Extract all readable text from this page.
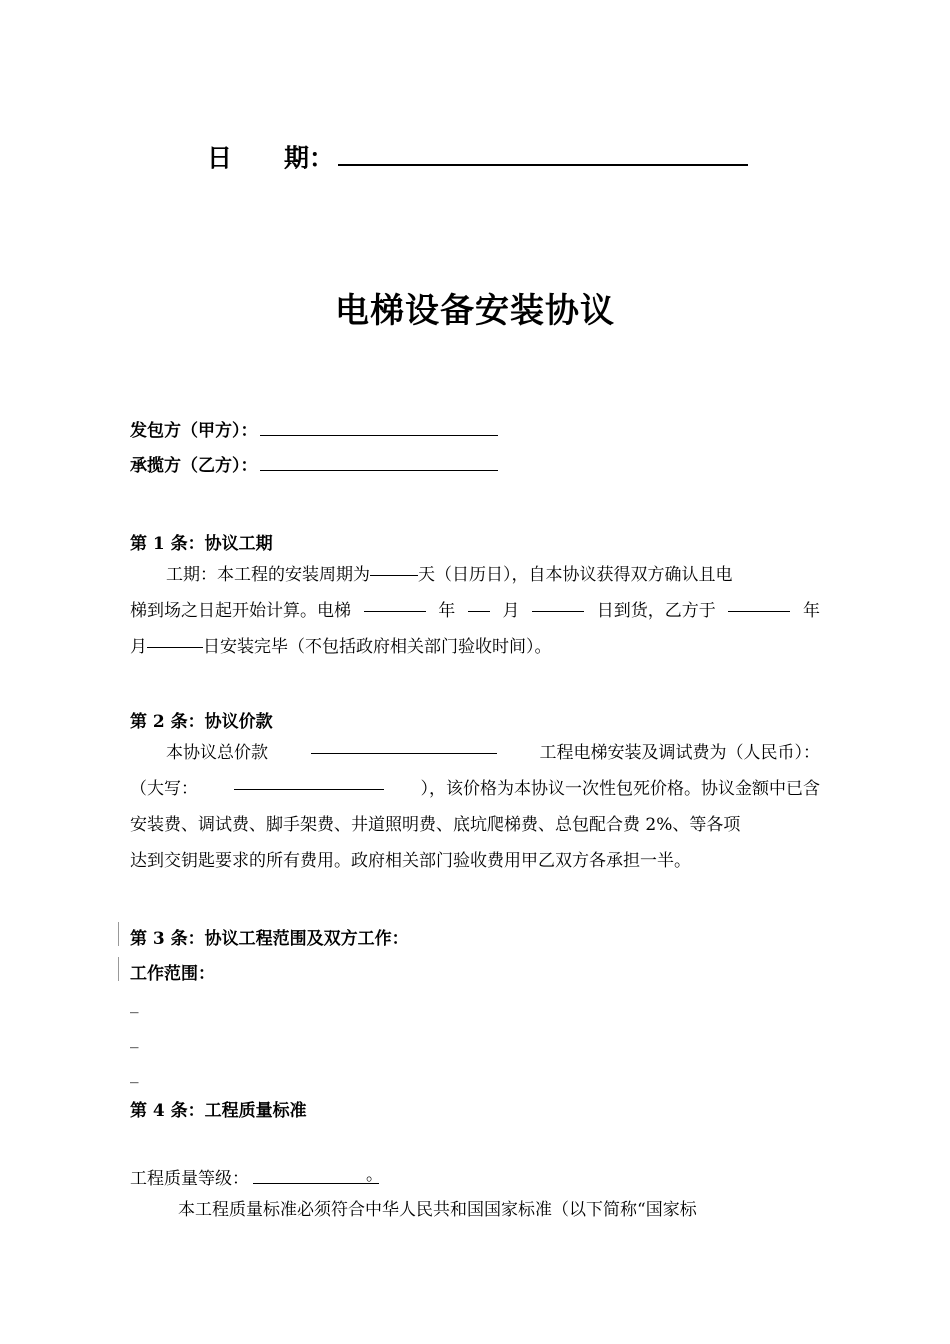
日 期：
电梯设备安装协议
发包方（甲方）：
承揽方（乙方）：
第 1 条：协议工期
工期：本工程的安装周期为	天（日历日），自本协议获得双方确认且电
梯到场之日起开始计算。电梯	年	月	日到货，乙方于	年
月	日安装完毕（不包括政府相关部门验收时间）。
第 2 条：协议价款
本协议总价款	工程电梯安装及调试费为（人民币）：
（大写：	），该价格为本协议一次性包死价格。协议金额中已含
安装费、调试费、脚手架费、井道照明费、底坑爬梯费、总包配合费 2%、等各项
达到交钥匙要求的所有费用。政府相关部门验收费用甲乙双方各承担一半。
第 3 条：协议工程范围及双方工作：
工作范围：
_
_
_
第 4 条：工程质量标准
工程质量等级：	。
本工程质量标准必须符合中华人民共和国国家标准（以下简称“国家标
